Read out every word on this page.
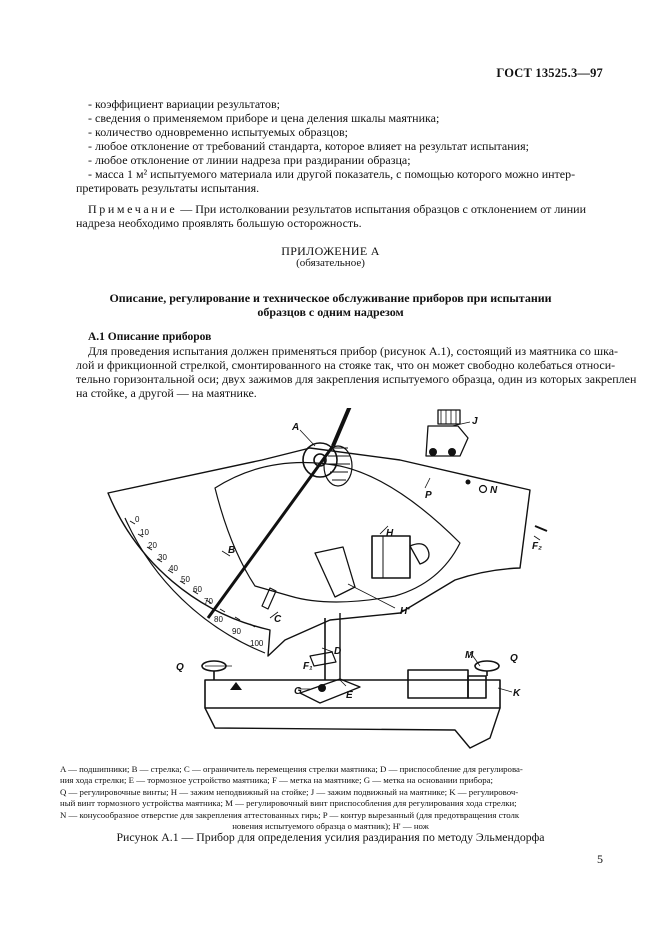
ГОСТ 13525.3—97
- коэффициент вариации результатов;
- сведения о применяемом приборе и цена деления шкалы маятника;
- количество одновременно испытуемых образцов;
- любое отклонение от требований стандарта, которое влияет на результат испытания;
- любое отклонение от линии надреза при раздирании образца;
- масса 1 м² испытуемого материала или другой показатель, с помощью которого можно интер-
претировать результаты испытания.
Примечание — При истолковании результатов испытания образцов с отклонением от линии
надреза необходимо проявлять большую осторожность.
ПРИЛОЖЕНИЕ А
(обязательное)
Описание, регулирование и техническое обслуживание приборов при испытании
образцов с одним надрезом
А.1 Описание приборов
Для проведения испытания должен применяться прибор (рисунок А.1), состоящий из маятника со шка-
лой и фрикционной стрелкой, смонтированного на стояке так, что он может свободно колебаться относи-
тельно горизонтальной оси; двух зажимов для закрепления испытуемого образца, один из которых закреплен
на стойке, а другой — на маятнике.
0
10
20
30
40
50
60
70
80
90
100
A
B
C
D
E
F₁
F₂
G
H
H'
J
K
M
N
P
Q
Q
A — подшипники; B — стрелка; C — ограничитель перемещения стрелки маятника; D — приспособление для регулирова-
ния хода стрелки; E — тормозное устройство маятника; F — метка на маятнике; G — метка на основании прибора;
Q — регулировочные винты; H — зажим неподвижный на стойке; J — зажим подвижный на маятнике; K — регулировоч-
ный винт тормозного устройства маятника; M — регулировочный винт приспособления для регулирования хода стрелки;
N — конусообразное отверстие для закрепления аттестованных гирь; P — контур вырезанный (для предотвращения столк
новения испытуемого образца о маятник); H' — нож
Рисунок А.1 — Прибор для определения усилия раздирания по методу Эльмендорфа
5
